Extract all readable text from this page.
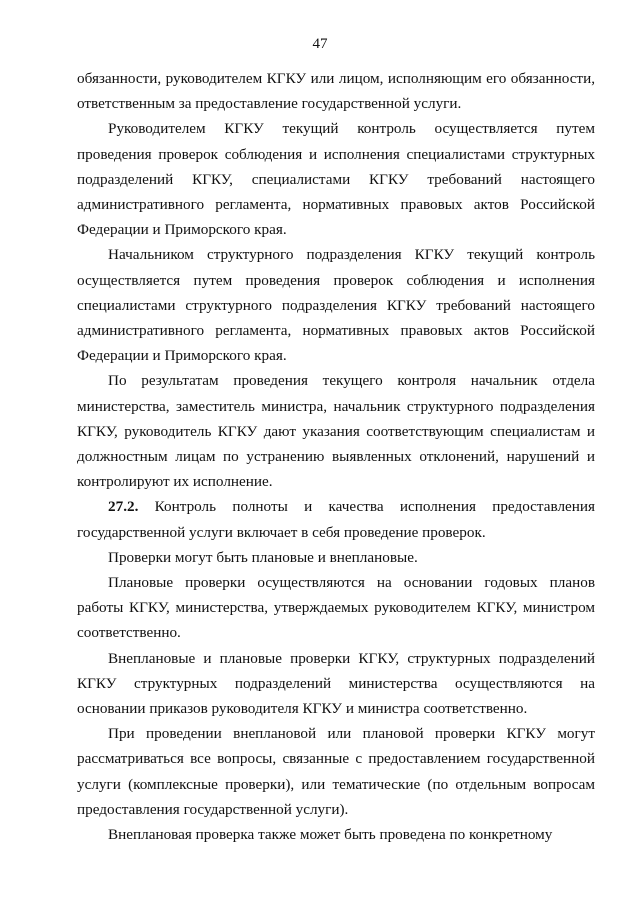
47

обязанности, руководителем КГКУ или лицом, исполняющим его обязанности, ответственным за предоставление государственной услуги.

Руководителем КГКУ текущий контроль осуществляется путем проведения проверок соблюдения и исполнения специалистами структурных подразделений КГКУ, специалистами КГКУ требований настоящего административного регламента, нормативных правовых актов Российской Федерации и Приморского края.

Начальником структурного подразделения КГКУ текущий контроль осуществляется путем проведения проверок соблюдения и исполнения специалистами структурного подразделения КГКУ требований настоящего административного регламента, нормативных правовых актов Российской Федерации и Приморского края.

По результатам проведения текущего контроля начальник отдела министерства, заместитель министра, начальник структурного подразделения КГКУ, руководитель КГКУ дают указания соответствующим специалистам и должностным лицам по устранению выявленных отклонений, нарушений и контролируют их исполнение.

27.2. Контроль полноты и качества исполнения предоставления государственной услуги включает в себя проведение проверок.

Проверки могут быть плановые и внеплановые.

Плановые проверки осуществляются на основании годовых планов работы КГКУ, министерства, утверждаемых руководителем КГКУ, министром соответственно.

Внеплановые и плановые проверки КГКУ, структурных подразделений КГКУ структурных подразделений министерства осуществляются на основании приказов руководителя КГКУ и министра соответственно.

При проведении внеплановой или плановой проверки КГКУ могут рассматриваться все вопросы, связанные с предоставлением государственной услуги (комплексные проверки), или тематические (по отдельным вопросам предоставления государственной услуги).

Внеплановая проверка также может быть проведена по конкретному
